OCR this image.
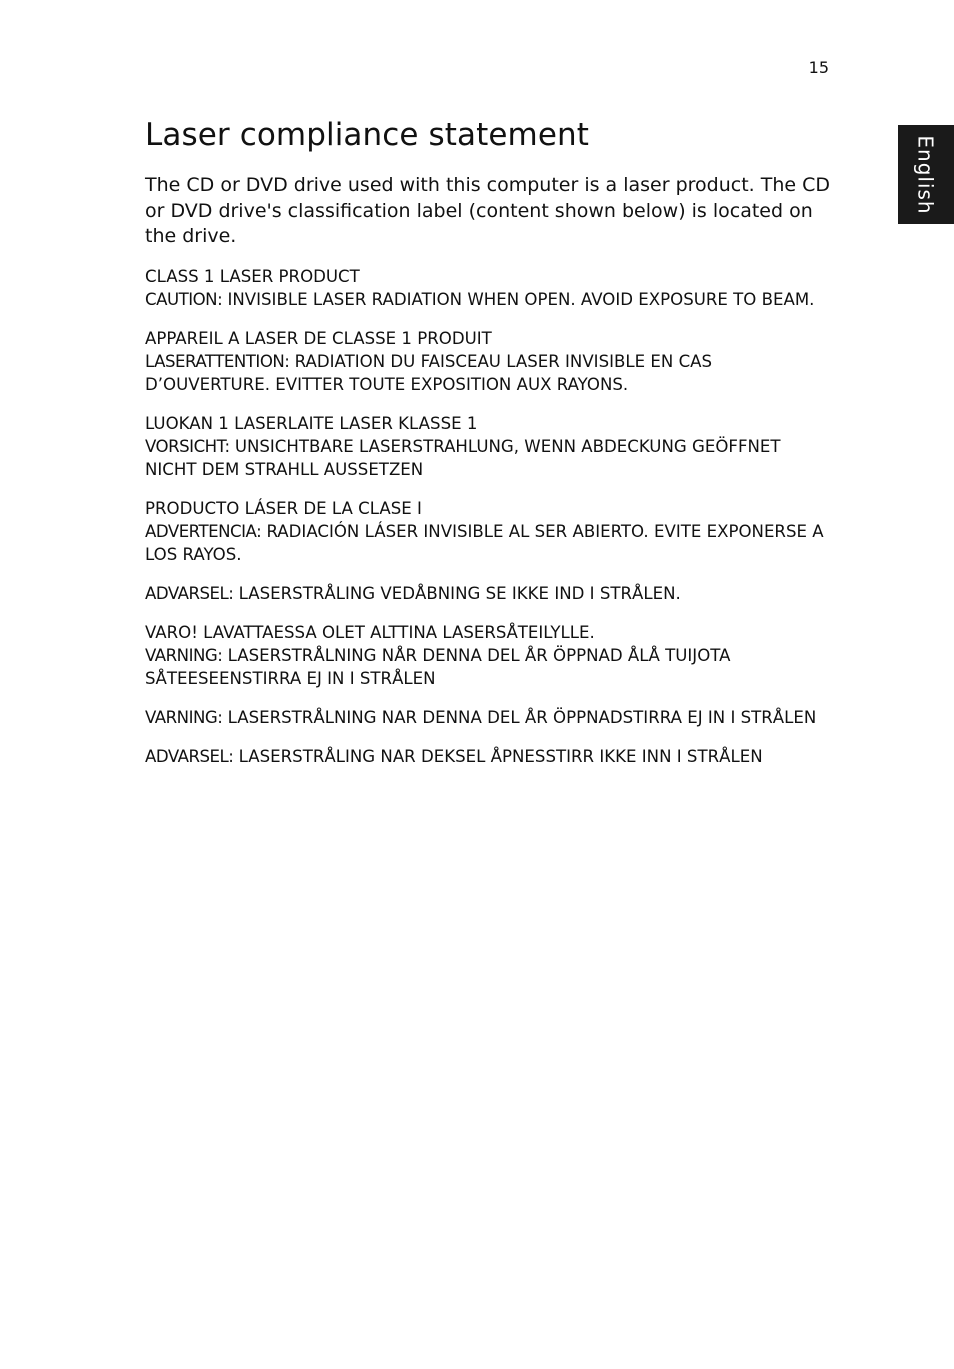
15
English
Laser compliance statement

The CD or DVD drive used with this computer is a laser product. The CD or DVD drive's classification label (content shown below) is located on the drive.

CLASS 1 LASER PRODUCT

CAUTION: INVISIBLE LASER RADIATION WHEN OPEN. AVOID EXPOSURE TO BEAM.

APPAREIL A LASER DE CLASSE 1 PRODUIT

LASERATTENTION: RADIATION DU FAISCEAU LASER INVISIBLE EN CAS D’OUVERTURE. EVITTER TOUTE EXPOSITION AUX RAYONS.

LUOKAN 1 LASERLAITE LASER KLASSE 1

VORSICHT: UNSICHTBARE LASERSTRAHLUNG, WENN ABDECKUNG GEÖFFNET NICHT DEM STRAHLL AUSSETZEN

PRODUCTO LÁSER DE LA CLASE I

ADVERTENCIA: RADIACIÓN LÁSER INVISIBLE AL SER ABIERTO. EVITE EXPONERSE A LOS RAYOS.

ADVARSEL: LASERSTRÅLING VEDÅBNING SE IKKE IND I STRÅLEN.

VARO! LAVATTAESSA OLET ALTTINA LASERSÅTEILYLLE.

VARNING: LASERSTRÅLNING NÅR DENNA DEL ÅR ÖPPNAD ÅLÅ TUIJOTA SÅTEESEENSTIRRA EJ IN I STRÅLEN

VARNING: LASERSTRÅLNING NAR DENNA DEL ÅR ÖPPNADSTIRRA EJ IN I STRÅLEN

ADVARSEL: LASERSTRÅLING NAR DEKSEL ÅPNESSTIRR IKKE INN I STRÅLEN
